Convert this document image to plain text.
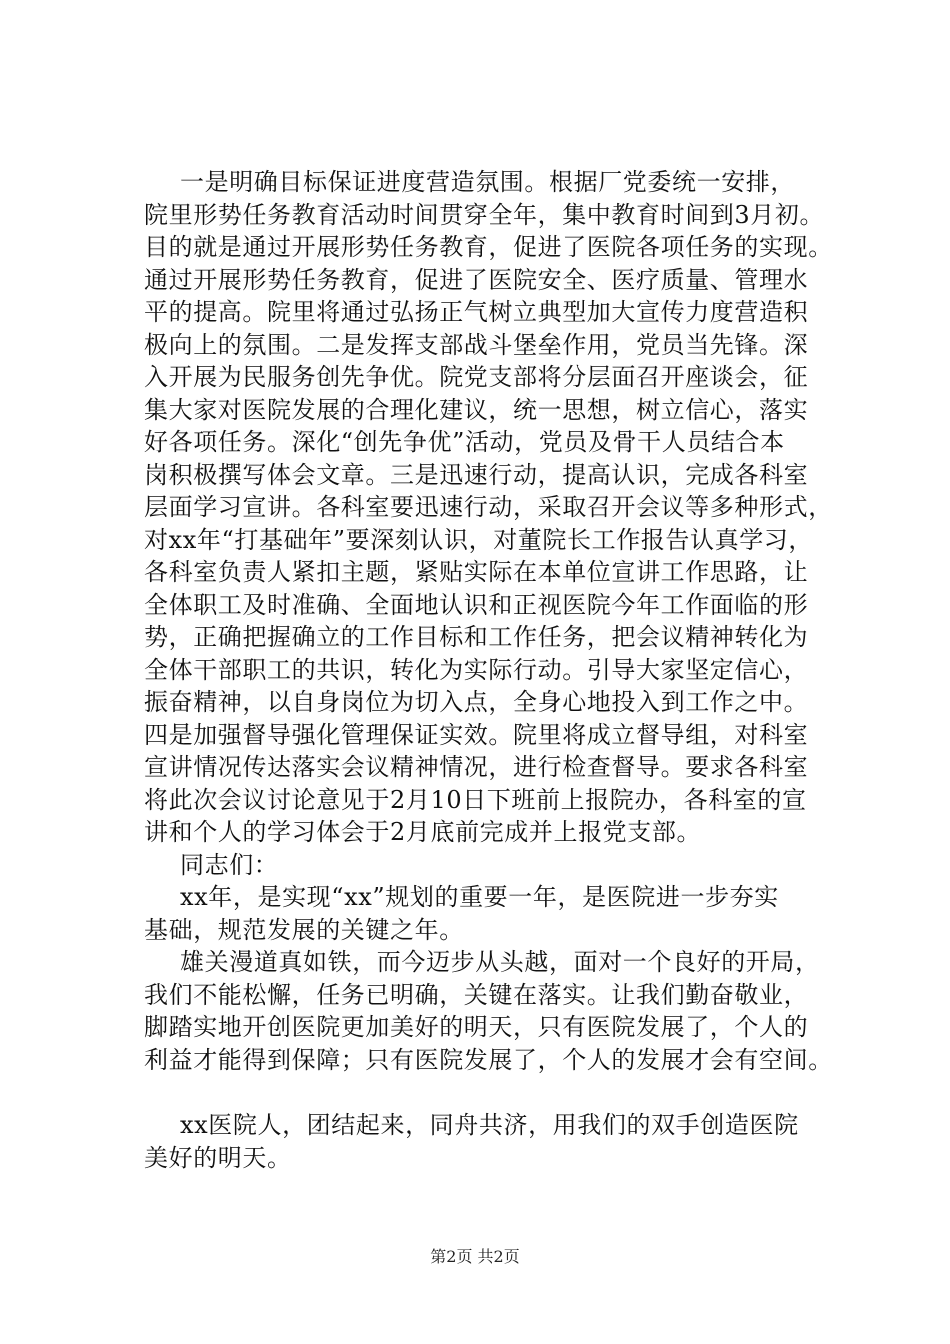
一是明确目标保证进度营造氛围。根据厂党委统一安排，
院里形势任务教育活动时间贯穿全年，集中教育时间到3月初。
目的就是通过开展形势任务教育，促进了医院各项任务的实现。
通过开展形势任务教育，促进了医院安全、医疗质量、管理水
平的提高。院里将通过弘扬正气树立典型加大宣传力度营造积
极向上的氛围。二是发挥支部战斗堡垒作用，党员当先锋。深
入开展为民服务创先争优。院党支部将分层面召开座谈会，征
集大家对医院发展的合理化建议，统一思想，树立信心，落实
好各项任务。深化“创先争优”活动，党员及骨干人员结合本
岗积极撰写体会文章。三是迅速行动，提高认识，完成各科室
层面学习宣讲。各科室要迅速行动，采取召开会议等多种形式，
对xx年“打基础年”要深刻认识，对董院长工作报告认真学习，
各科室负责人紧扣主题，紧贴实际在本单位宣讲工作思路，让
全体职工及时准确、全面地认识和正视医院今年工作面临的形
势，正确把握确立的工作目标和工作任务，把会议精神转化为
全体干部职工的共识，转化为实际行动。引导大家坚定信心，
振奋精神，以自身岗位为切入点，全身心地投入到工作之中。
四是加强督导强化管理保证实效。院里将成立督导组，对科室
宣讲情况传达落实会议精神情况，进行检查督导。要求各科室
将此次会议讨论意见于2月10日下班前上报院办，各科室的宣
讲和个人的学习体会于2月底前完成并上报党支部。
同志们：
xx年，是实现“xx”规划的重要一年，是医院进一步夯实
基础，规范发展的关键之年。
雄关漫道真如铁，而今迈步从头越，面对一个良好的开局，
我们不能松懈，任务已明确，关键在落实。让我们勤奋敬业，
脚踏实地开创医院更加美好的明天，只有医院发展了，个人的
利益才能得到保障；只有医院发展了，个人的发展才会有空间。
xx医院人，团结起来，同舟共济，用我们的双手创造医院
美好的明天。
第2页 共2页
